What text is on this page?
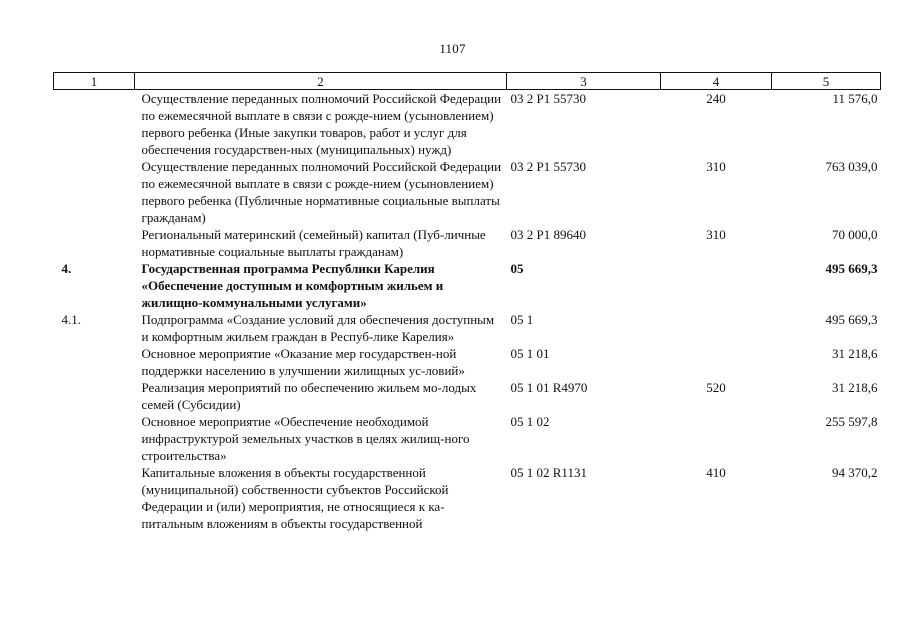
1107
1	2	3	4	5
	Осуществление переданных полномочий Российской Федерации по ежемесячной выплате в связи с рожде-нием (усыновлением) первого ребенка (Иные закупки товаров, работ и услуг для обеспечения государствен-ных (муниципальных) нужд)	03 2 P1 55730	240	11 576,0
	Осуществление переданных полномочий Российской Федерации по ежемесячной выплате в связи с рожде-нием (усыновлением) первого ребенка (Публичные нормативные социальные выплаты гражданам)	03 2 P1 55730	310	763 039,0
	Региональный материнский (семейный) капитал (Пуб-личные нормативные социальные выплаты гражданам)	03 2 P1 89640	310	70 000,0
4.	Государственная программа Республики Карелия «Обеспечение доступным и комфортным жильем и жилищно-коммунальными услугами»	05		495 669,3
4.1.	Подпрограмма «Создание условий для обеспечения доступным и комфортным жильем граждан в Респуб-лике Карелия»	05 1		495 669,3
	Основное мероприятие «Оказание мер государствен-ной поддержки населению в улучшении жилищных ус-ловий»	05 1 01		31 218,6
	Реализация мероприятий по обеспечению жильем мо-лодых семей (Субсидии)	05 1 01 R4970	520	31 218,6
	Основное мероприятие «Обеспечение необходимой инфраструктурой земельных участков в целях жилищ-ного строительства»	05 1 02		255 597,8
	Капитальные вложения в объекты государственной (муниципальной) собственности субъектов Российской Федерации и (или) мероприятия, не относящиеся к ка-питальным вложениям в объекты государственной	05 1 02 R1131	410	94 370,2
